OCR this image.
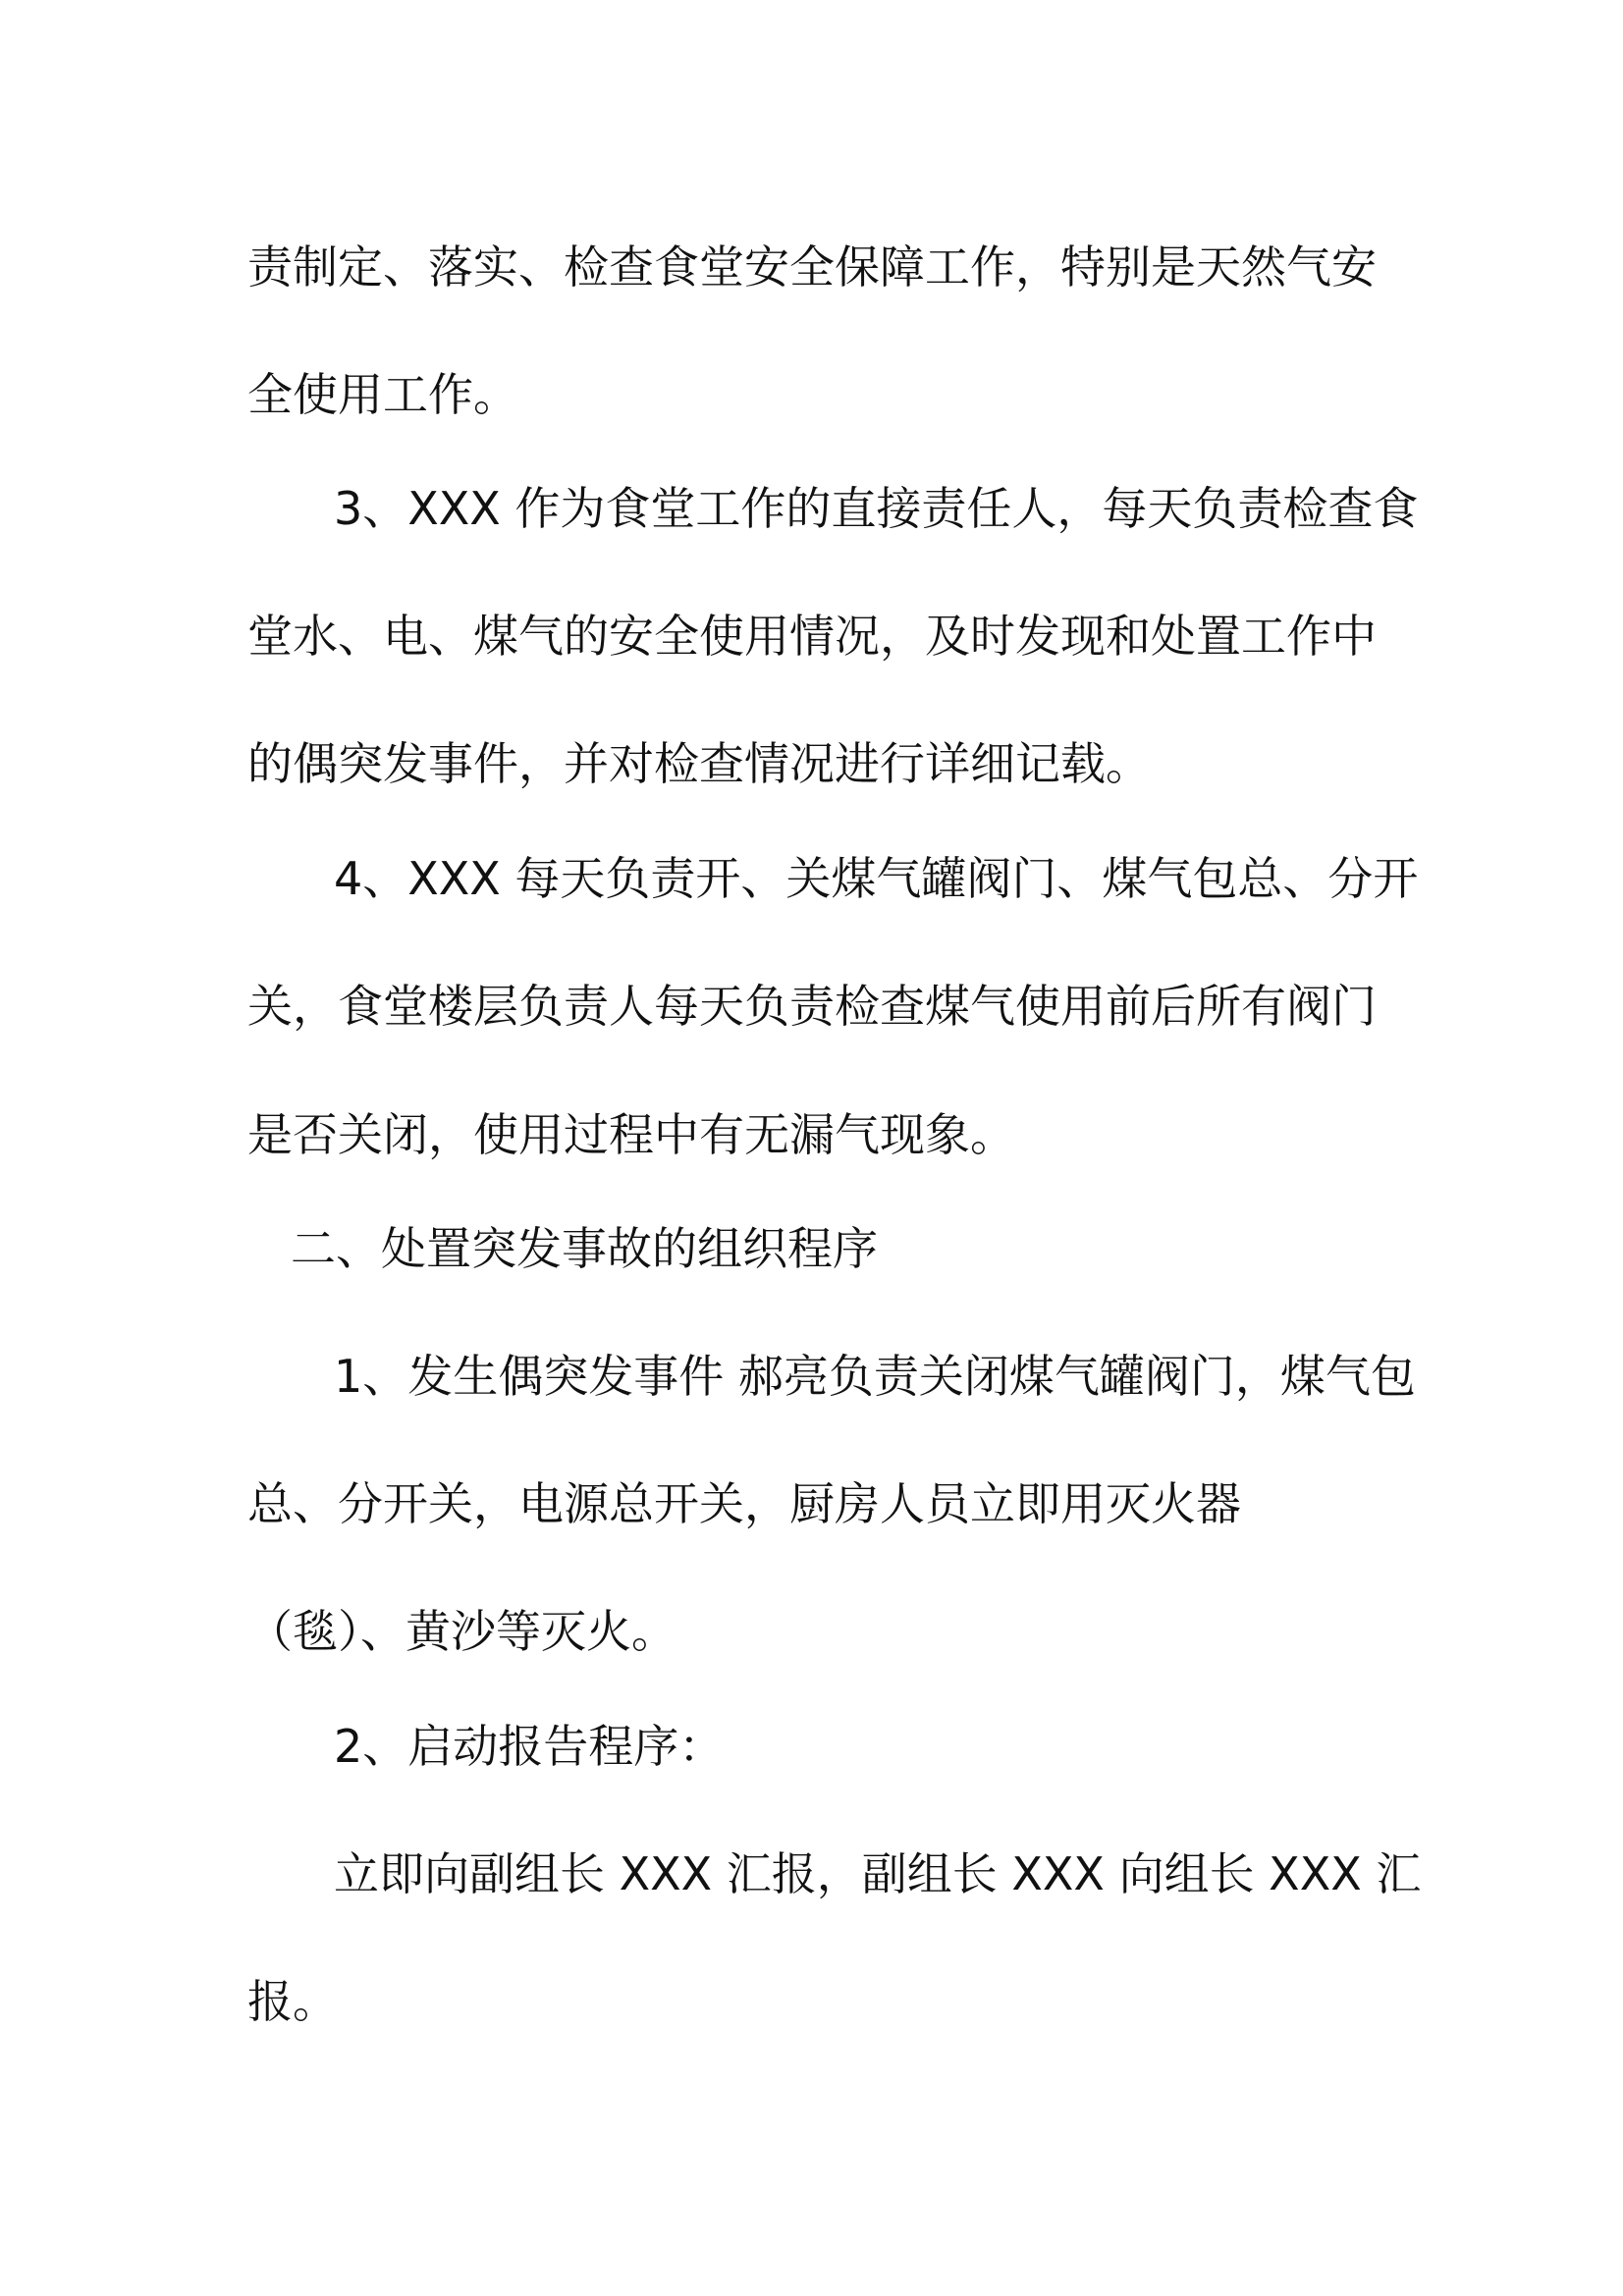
责制定、落实、检查食堂安全保障工作，特别是天然气安
全使用工作。
3、XXX 作为食堂工作的直接责任人，每天负责检查食
堂水、电、煤气的安全使用情况，及时发现和处置工作中
的偶突发事件，并对检查情况进行详细记载。
4、XXX 每天负责开、关煤气罐阀门、煤气包总、分开
关，食堂楼层负责人每天负责检查煤气使用前后所有阀门
是否关闭，使用过程中有无漏气现象。
二、处置突发事故的组织程序
1、发生偶突发事件 郝亮负责关闭煤气罐阀门，煤气包
总、分开关，电源总开关，厨房人员立即用灭火器
（毯）、黄沙等灭火。
2、启动报告程序：
立即向副组长 XXX 汇报，副组长 XXX 向组长 XXX 汇
报。
